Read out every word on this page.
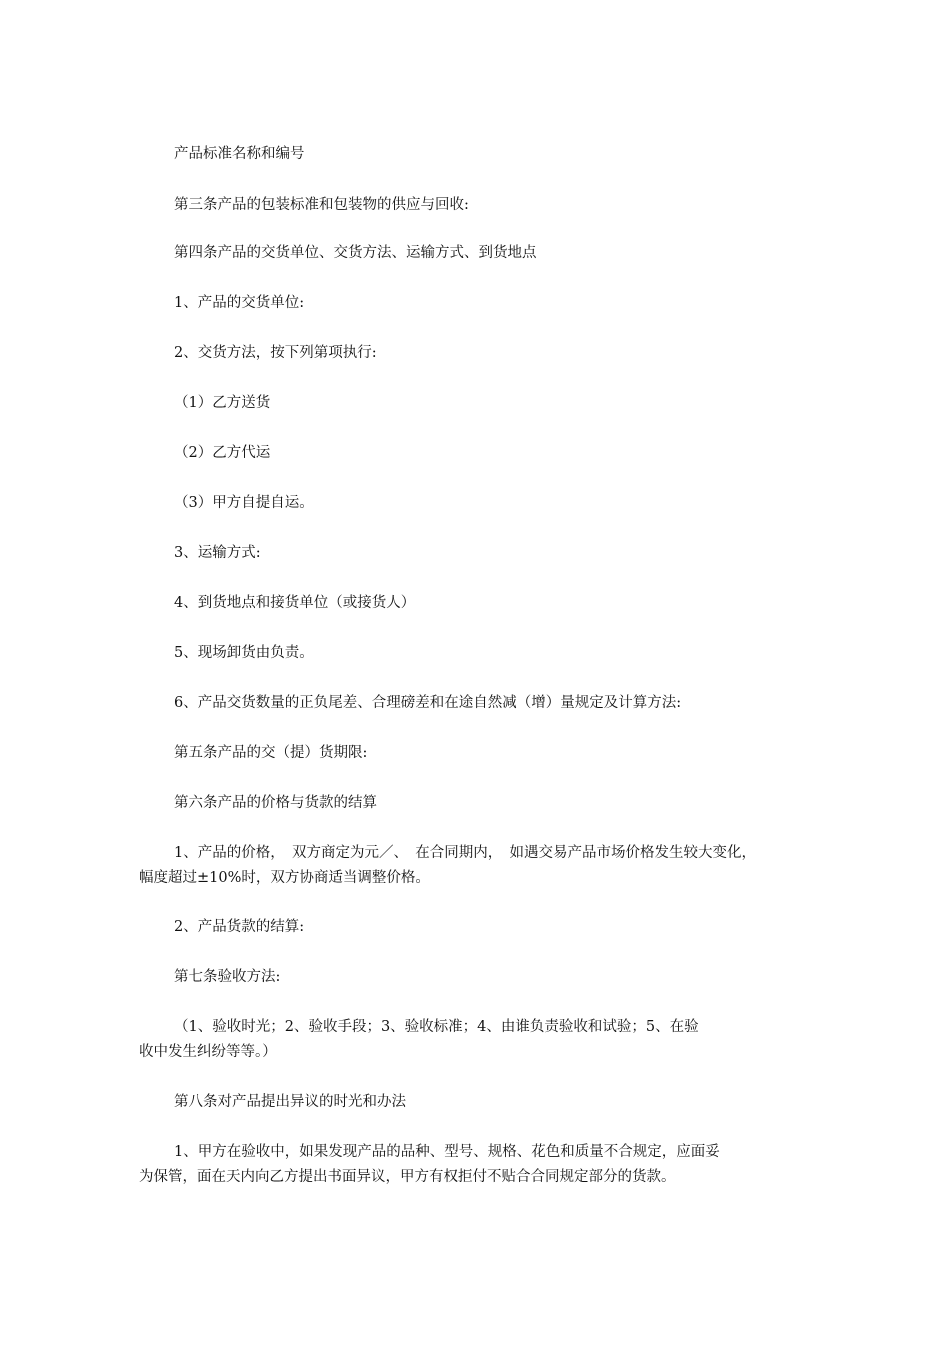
产品标准名称和编号
第三条产品的包装标准和包装物的供应与回收:
第四条产品的交货单位、交货方法、运输方式、到货地点
1、产品的交货单位:
2、交货方法，按下列第项执行:
（1）乙方送货
（2）乙方代运
（3）甲方自提自运。
3、运输方式:
4、到货地点和接货单位（或接货人）
5、现场卸货由负责。
6、产品交货数量的正负尾差、合理磅差和在途自然减（增）量规定及计算方法:
第五条产品的交（提）货期限:
第六条产品的价格与货款的结算
1、产品的价格，　双方商定为元／、　在合同期内，　如遇交易产品市场价格发生较大变化，
幅度超过±10%时，双方协商适当调整价格。
2、产品货款的结算:
第七条验收方法:
（1、验收时光；2、验收手段；3、验收标准；4、由谁负责验收和试验；5、在验
收中发生纠纷等等。）
第八条对产品提出异议的时光和办法
1、甲方在验收中，如果发现产品的品种、型号、规格、花色和质量不合规定，应面妥
为保管，面在天内向乙方提出书面异议，甲方有权拒付不贴合合同规定部分的货款。
